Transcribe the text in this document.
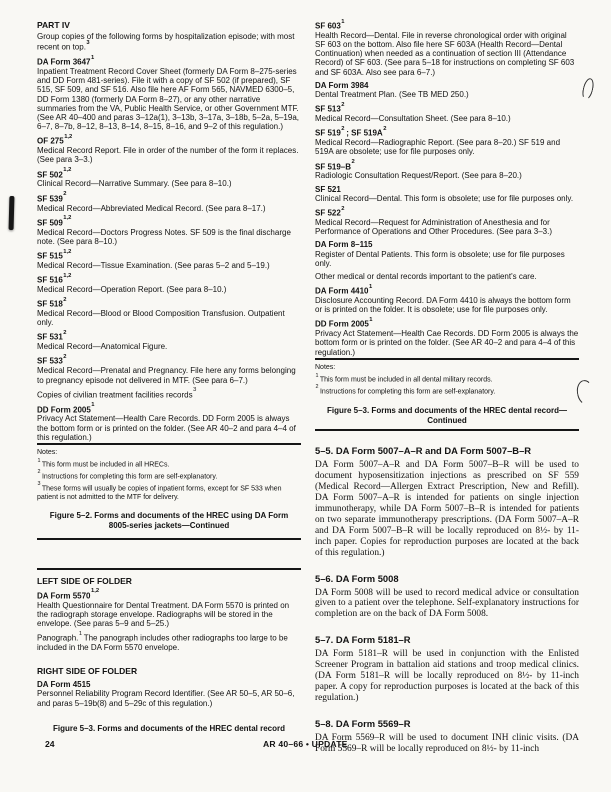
PART IV
Group copies of the following forms by hospitalization episode; with most recent on top.$^3$
DA Form 3647$^1$
Inpatient Treatment Record Cover Sheet (formerly DA Form 8–275-series and DD Form 481-series). File it with a copy of SF 502 (if prepared), SF 515, SF 509, and SF 516. Also file here AF Form 565, NAVMED 6300–5, DD Form 1380 (formerly DA Form 8–27), or any other narrative summaries from the VA, Public Health Service, or other Government MTF. (See AR 40–400 and paras 3–12a(1), 3–13b, 3–17a, 3–18b, 5–2a, 5–19a, 6–7, 8–7b, 8–12, 8–13, 8–14, 8–15, 8–16, and 9–2 of this regulation.)
OF 275$^{1,2}$
Medical Record Report. File in order of the number of the form it replaces. (See para 3–3.)
SF 502$^{1,2}$
Clinical Record—Narrative Summary. (See para 8–10.)
SF $539^2$
Medical Record—Abbreviated Medical Record. (See para 8–17.)
SF 509$^{1,2}$
Medical Record—Doctors Progress Notes. SF 509 is the final discharge note. (See para 8–10.)
SF 515$^{1,2}$
Medical Record—Tissue Examination. (See paras 5–2 and 5–19.)
SF 516$^{1,2}$
Medical Record—Operation Report. (See para 8–10.)
SF $518^2$
Medical Record—Blood or Blood Composition Transfusion. Outpatient only.
SF $531^2$
Medical Record—Anatomical Figure.
SF $533^2$
Medical Record—Prenatal and Pregnancy. File here any forms belonging to pregnancy episode not delivered in MTF. (See para 6–7.)
Copies of civilian treatment facilities records$^3$
DD Form 2005$^1$
Privacy Act Statement—Health Care Records. DD Form 2005 is always the bottom form or is printed on the folder. (See AR 40–2 and para 4–4 of this regulation.)
Notes:
$^1$ This form must be included in all HRECs.
$^2$ Instructions for completing this form are self-explanatory.
$^3$ These forms will usually be copies of inpatient forms, except for SF 533 when patient is not admitted to the MTF for delivery.
Figure 5–2. Forms and documents of the HREC using DA Form 8005-series jackets—Continued
LEFT SIDE OF FOLDER
DA Form 5570$^{1,2}$
Health Questionnaire for Dental Treatment. DA Form 5570 is printed on the radiograph storage envelope. Radiographs will be stored in the envelope. (See paras 5–9 and 5–25.)
Panograph.$^1$ The panograph includes other radiographs too large to be included in the DA Form 5570 envelope.
RIGHT SIDE OF FOLDER
DA Form 4515
Personnel Reliability Program Record Identifier. (See AR 50–5, AR 50–6, and paras 5–19b(8) and 5–29c of this regulation.)
Figure 5–3. Forms and documents of the HREC dental record
SF $603^1$
Health Record—Dental. File in reverse chronological order with original SF 603 on the bottom. Also file here SF 603A (Health Record—Dental Continuation) when needed as a continuation of section III (Attendance Record) of SF 603. (See para 5–18 for instructions on completing SF 603 and SF 603A. Also see para 6–7.)
DA Form 3984
Dental Treatment Plan. (See TB MED 250.)
SF $513^2$
Medical Record—Consultation Sheet. (See para 8–10.)
SF $519^2$ ; SF $519A^2$
Medical Record—Radiographic Report. (See para 8–20.) SF 519 and 519A are obsolete; use for file purposes only.
SF $519-B^2$
Radiologic Consultation Request/Report. (See para 8–20.)
SF 521
Clinical Record—Dental. This form is obsolete; use for file purposes only.
SF $522^2$
Medical Record—Request for Administration of Anesthesia and for Performance of Operations and Other Procedures. (See para 3–3.)
DA Form 8–115
Register of Dental Patients. This form is obsolete; use for file purposes only.
Other medical or dental records important to the patient's care.
DA Form 4410$^1$
Disclosure Accounting Record. DA Form 4410 is always the bottom form or is printed on the folder. It is obsolete; use for file purposes only.
DD Form 2005$^1$
Privacy Act Statement—Health Cae Records. DD Form 2005 is always the bottom form or is printed on the folder. (See AR 40–2 and para 4–4 of this regulation.)
Notes:
$^1$ This form must be included in all dental military records.
$^2$ Instructions for completing this form are self-explanatory.
Figure 5–3. Forms and documents of the HREC dental record—Continued
5–5. DA Form 5007–A–R and DA Form 5007–B–R
DA Form 5007–A–R and DA Form 5007–B–R will be used to document hyposensitization injections as prescribed on SF 559 (Medical Record—Allergen Extract Prescription, New and Refill). DA Form 5007–A–R is intended for patients on single injection immunotherapy, while DA Form 5007–B–R is intended for patients on two separate immunotherapy prescriptions. (DA Form 5007–A–R and DA Form 5007–B–R will be locally reproduced on 8½- by 11-inch paper. Copies for reproduction purposes are located at the back of this regulation.)
5–6. DA Form 5008
DA Form 5008 will be used to record medical advice or consultation given to a patient over the telephone. Self-explanatory instructions for completion are on the back of DA Form 5008.
5–7. DA Form 5181–R
DA Form 5181–R will be used in conjunction with the Enlisted Screener Program in battalion aid stations and troop medical clinics. (DA Form 5181–R will be locally reproduced on 8½- by 11-inch paper. A copy for reproduction purposes is located at the back of this regulation.)
5–8. DA Form 5569–R
DA Form 5569–R will be used to document INH clinic visits. (DA Form 5569–R will be locally reproduced on 8½- by 11-inch
24	AR 40–66 • UPDATE
